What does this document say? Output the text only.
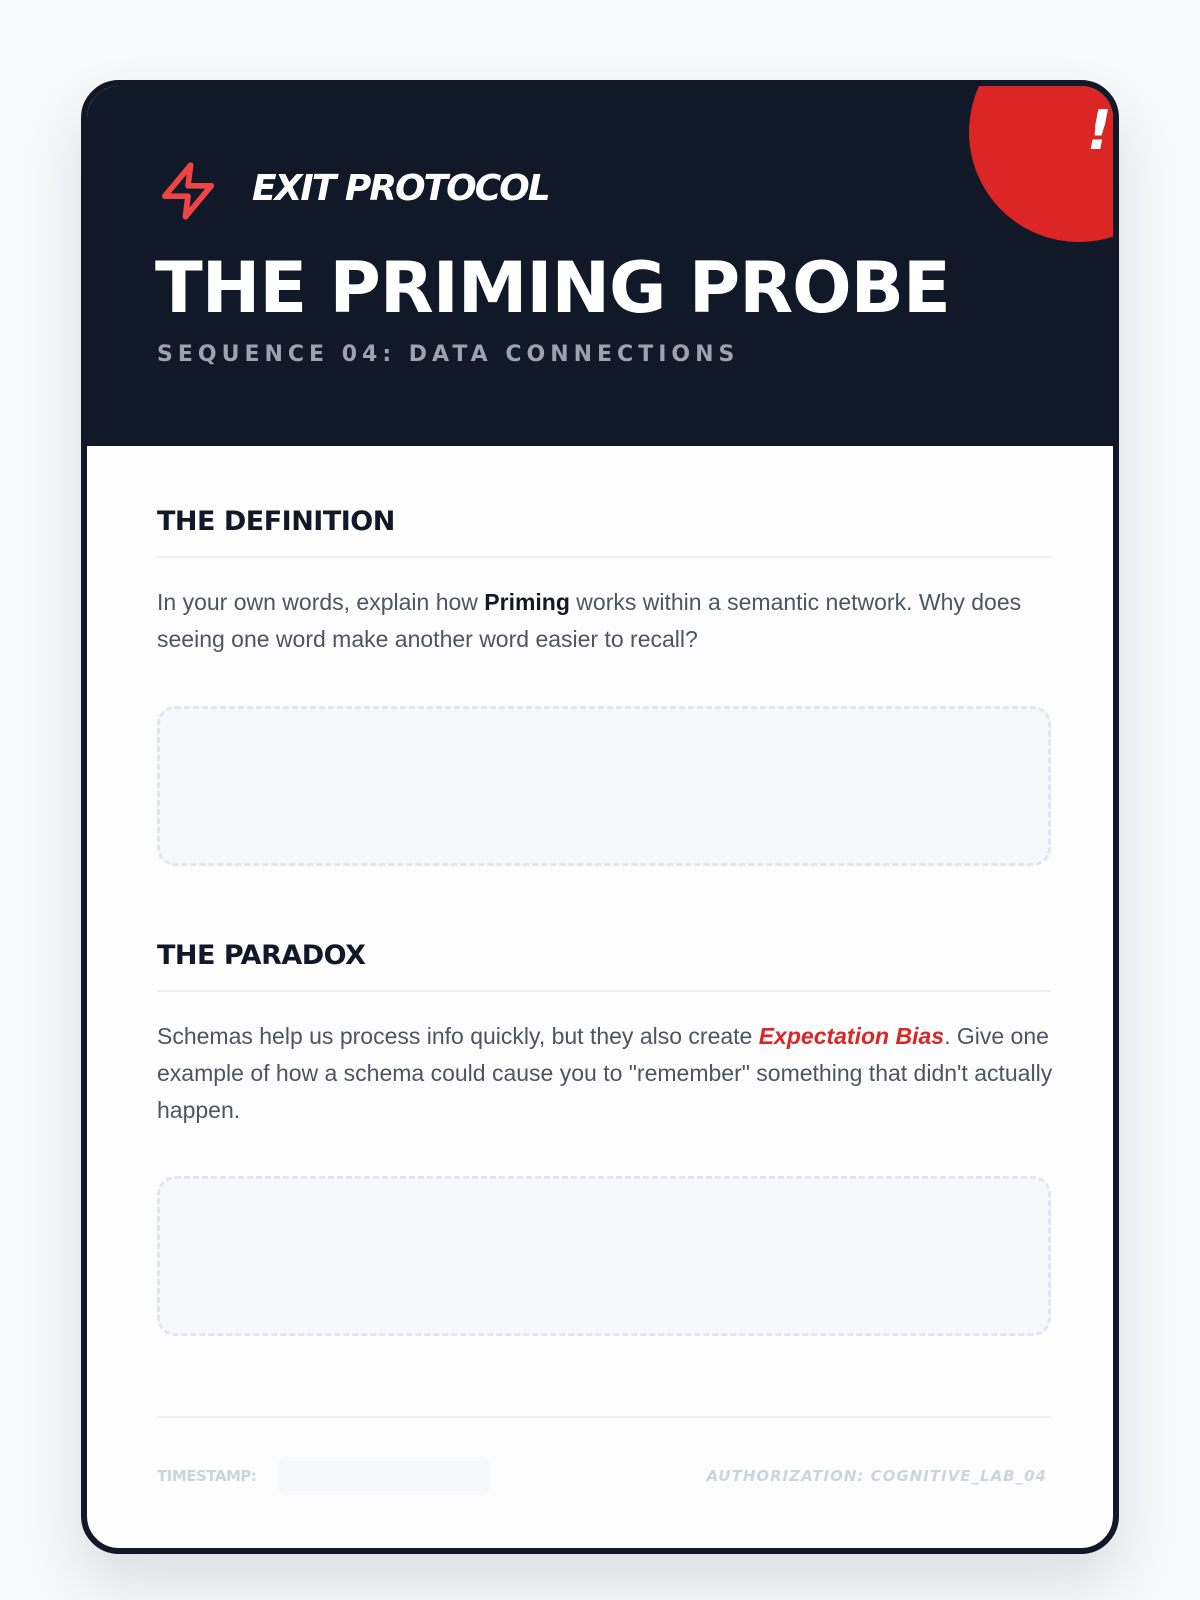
!
EXIT PROTOCOL
THE PRIMING PROBE
SEQUENCE 04: DATA CONNECTIONS
THE DEFINITION

In your own words, explain how Priming works within a semantic network. Why does seeing one word make another word easier to recall?

THE PARADOX

Schemas help us process info quickly, but they also create Expectation Bias. Give one example of how a schema could cause you to "remember" something that didn't actually happen.

TIMESTAMP:	AUTHORIZATION: COGNITIVE_LAB_04
